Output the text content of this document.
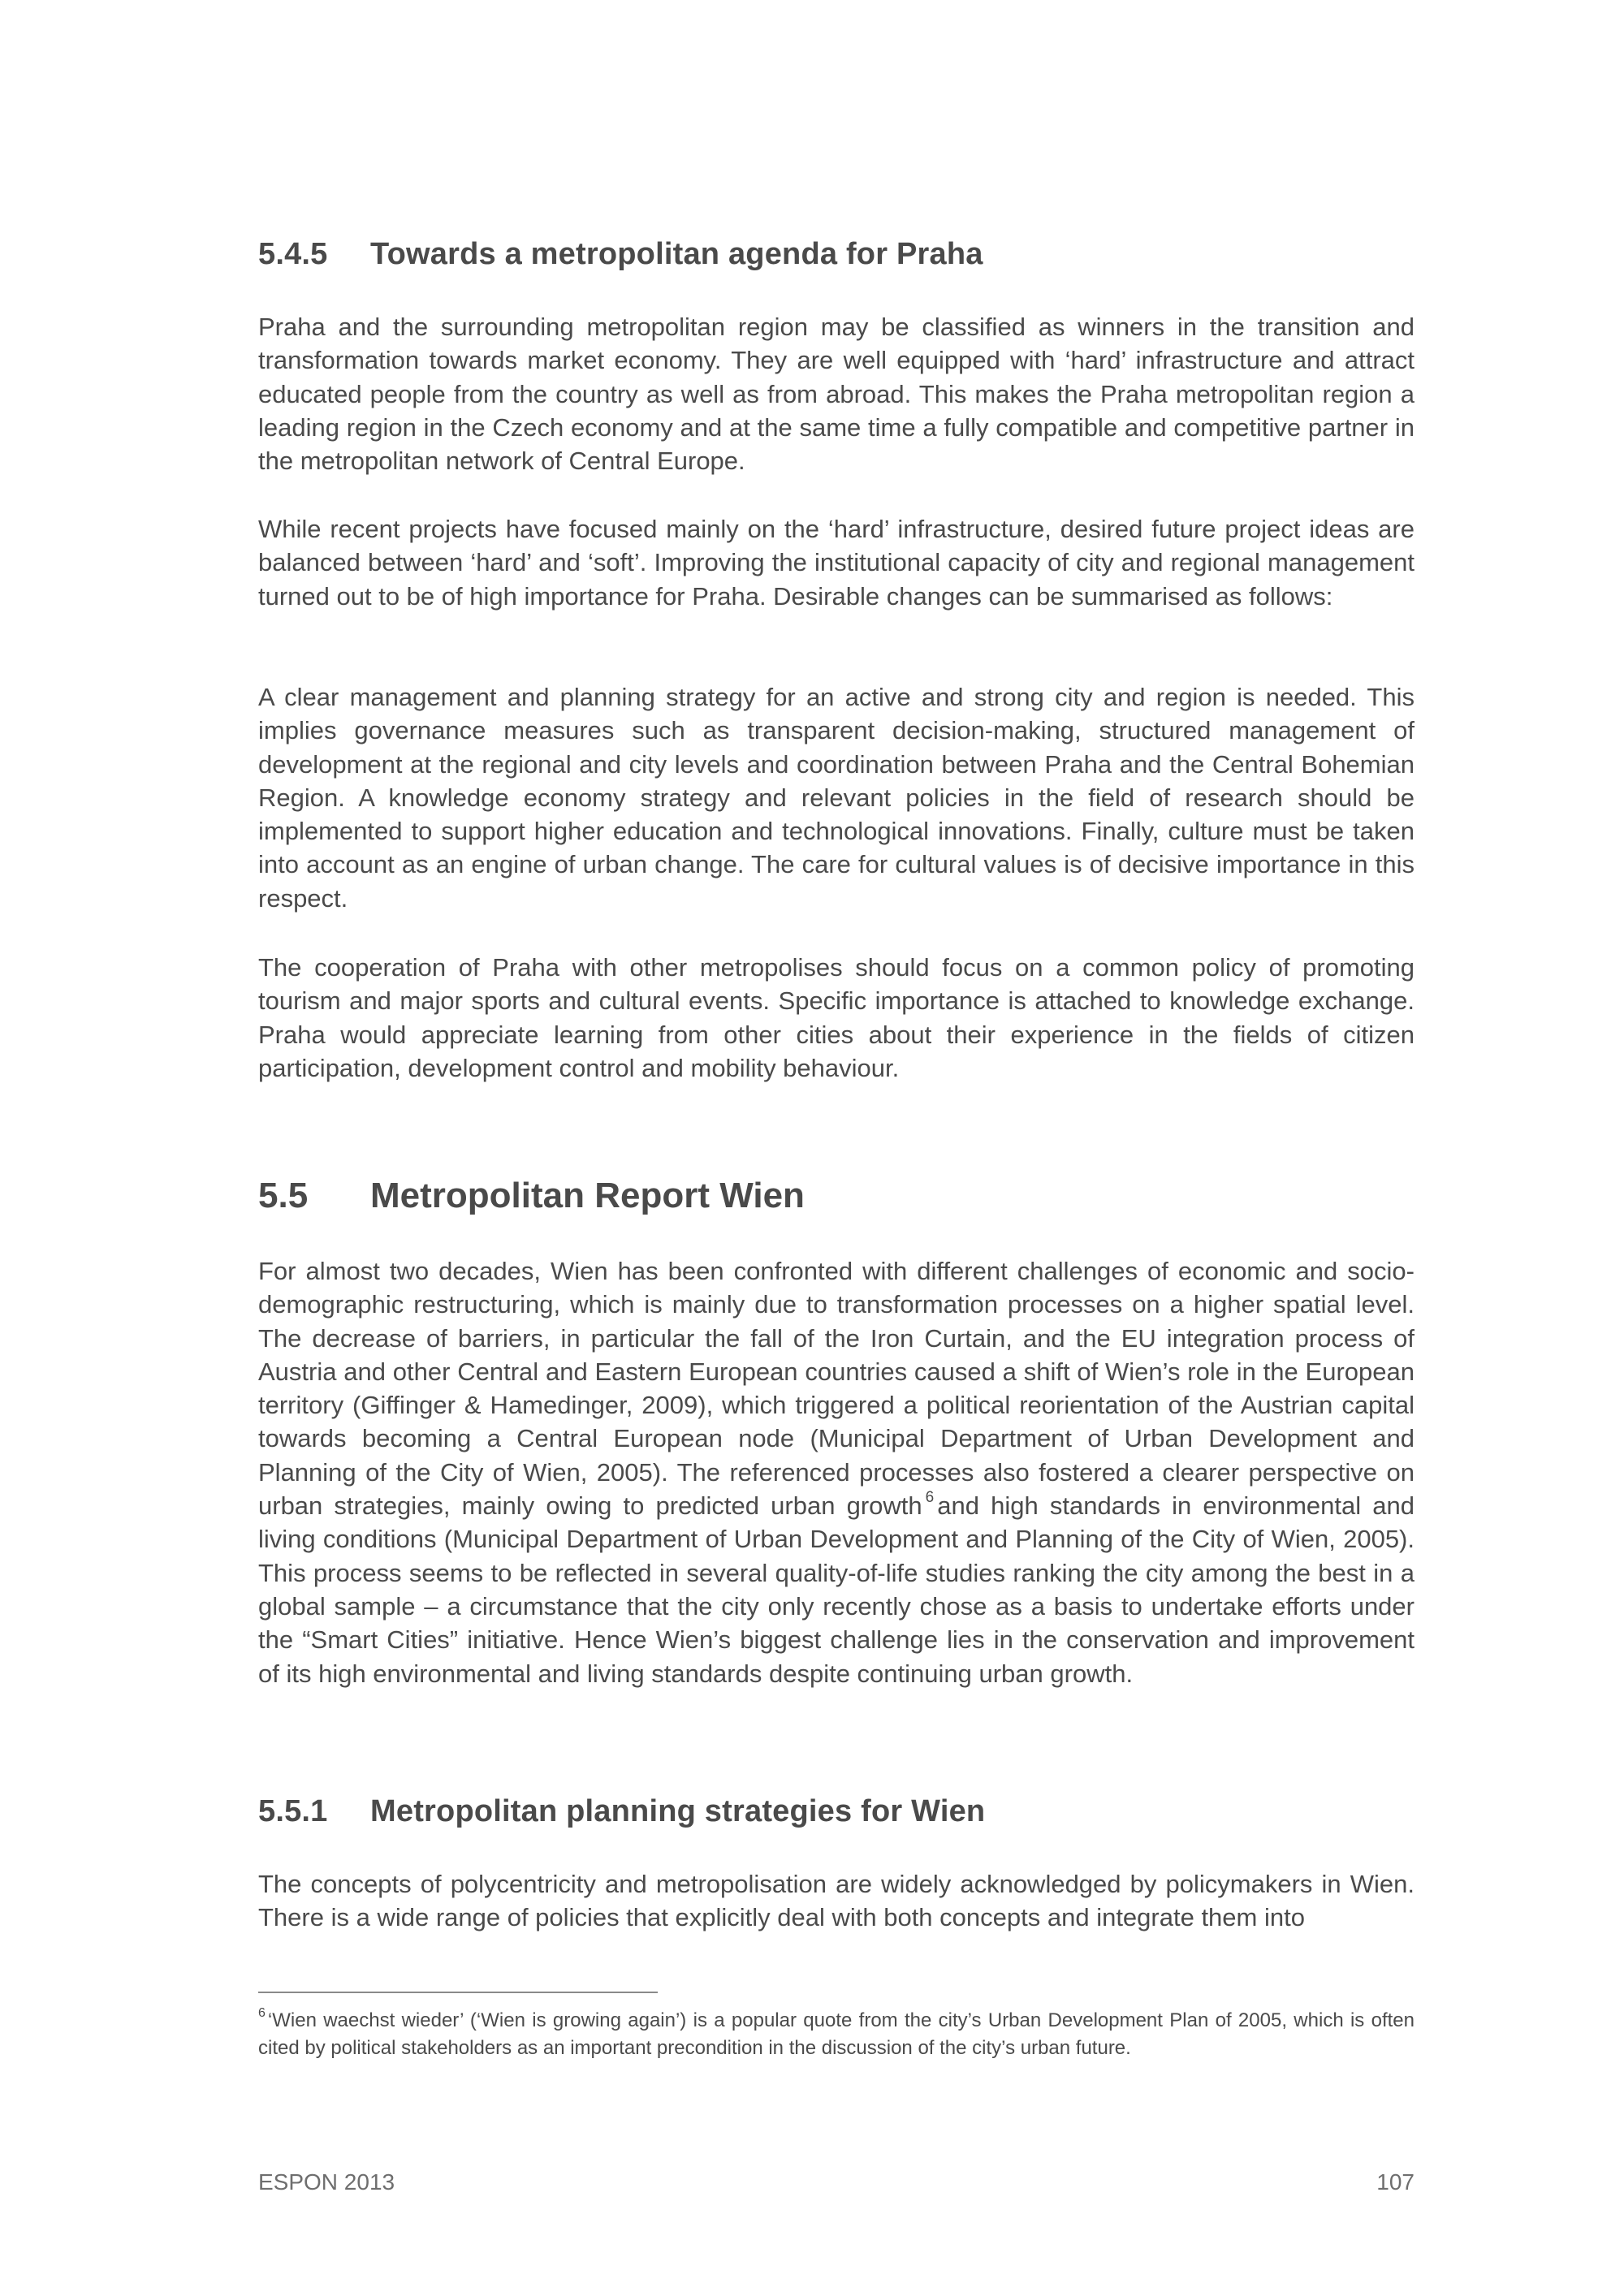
5.4.5 Towards a metropolitan agenda for Praha

Praha and the surrounding metropolitan region may be classified as winners in the transition and transformation towards market economy. They are well equipped with ‘hard’ infrastructure and attract educated people from the country as well as from abroad. This makes the Praha metropolitan region a leading region in the Czech economy and at the same time a fully compatible and competitive partner in the metropolitan network of Central Europe.

While recent projects have focused mainly on the ‘hard’ infrastructure, desired future project ideas are balanced between ‘hard’ and ‘soft’. Improving the institutional capacity of city and regional management turned out to be of high importance for Praha. Desirable changes can be summarised as follows:

A clear management and planning strategy for an active and strong city and region is needed. This implies governance measures such as transparent decision-making, structured management of development at the regional and city levels and coordination between Praha and the Central Bohemian Region. A knowledge economy strategy and relevant policies in the field of research should be implemented to support higher education and technological innovations. Finally, culture must be taken into account as an engine of urban change. The care for cultural values is of decisive importance in this respect.

The cooperation of Praha with other metropolises should focus on a common policy of promoting tourism and major sports and cultural events. Specific importance is attached to knowledge exchange. Praha would appreciate learning from other cities about their experience in the fields of citizen participation, development control and mobility behaviour.

5.5 Metropolitan Report Wien

For almost two decades, Wien has been confronted with different challenges of economic and socio-demographic restructuring, which is mainly due to transformation processes on a higher spatial level. The decrease of barriers, in particular the fall of the Iron Curtain, and the EU integration process of Austria and other Central and Eastern European countries caused a shift of Wien’s role in the European territory (Giffinger & Hamedinger, 2009), which triggered a political reorientation of the Austrian capital towards becoming a Central European node (Municipal Department of Urban Development and Planning of the City of Wien, 2005). The referenced processes also fostered a clearer perspective on urban strategies, mainly owing to predicted urban growth $^6$ and high standards in environmental and living conditions (Municipal Department of Urban Development and Planning of the City of Wien, 2005). This process seems to be reflected in several quality-of-life studies ranking the city among the best in a global sample – a circumstance that the city only recently chose as a basis to undertake efforts under the “Smart Cities” initiative. Hence Wien’s biggest challenge lies in the conservation and improvement of its high environmental and living standards despite continuing urban growth.

5.5.1 Metropolitan planning strategies for Wien

The concepts of polycentricity and metropolisation are widely acknowledged by policymakers in Wien. There is a wide range of policies that explicitly deal with both concepts and integrate them into

$^6$ ‘Wien waechst wieder’ (‘Wien is growing again’) is a popular quote from the city’s Urban Development Plan of 2005, which is often cited by political stakeholders as an important precondition in the discussion of the city’s urban future.

ESPON 2013	107
